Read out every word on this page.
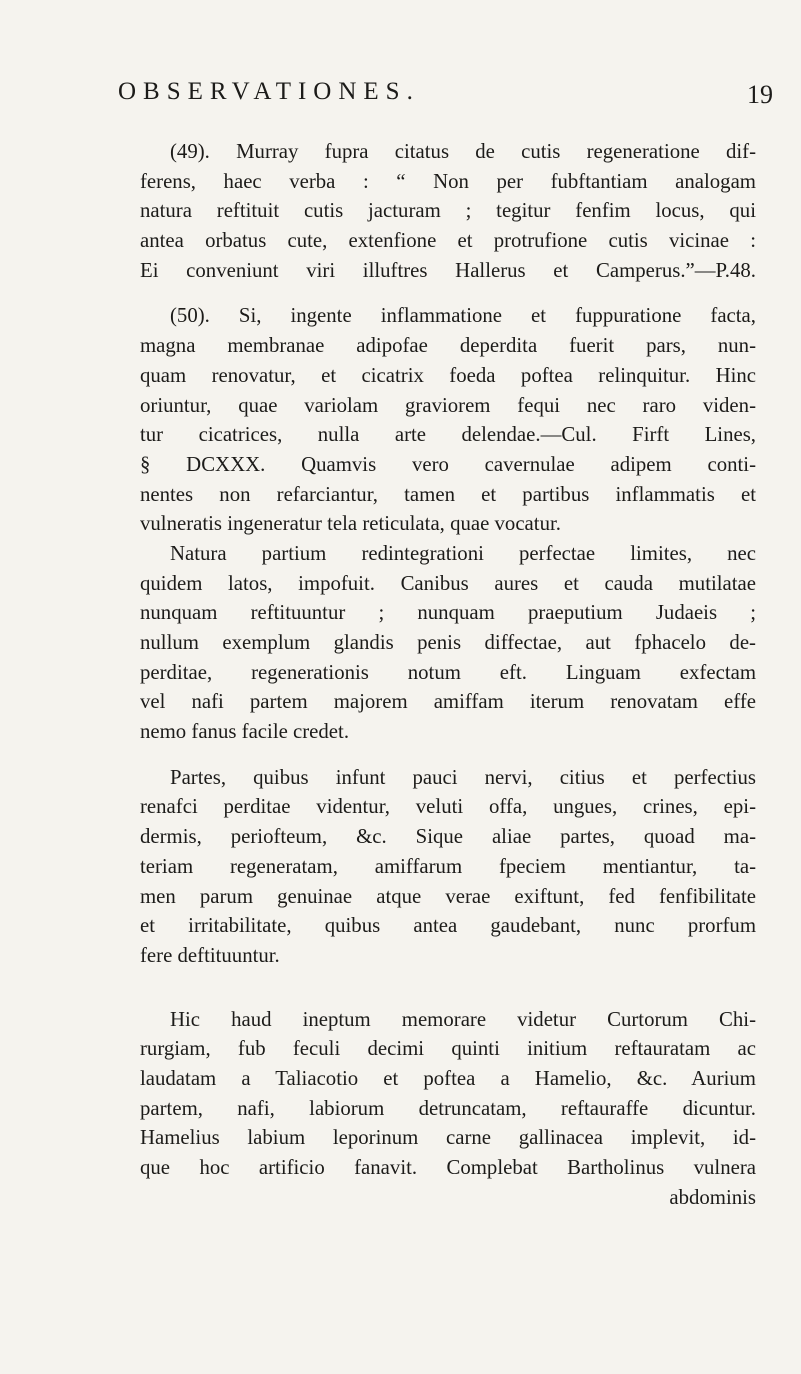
OBSERVATIONES.	19
(49). Murray fupra citatus de cutis regeneratione dif-
ferens, haec verba : “ Non per fubftantiam analogam
natura reftituit cutis jacturam ; tegitur fenfim locus, qui
antea orbatus cute, extenfione et protrufione cutis vicinae :
Ei conveniunt viri illuftres Hallerus et Camperus.”—P.48.
(50). Si, ingente inflammatione et fuppuratione facta,
magna membranae adipofae deperdita fuerit pars, nun-
quam renovatur, et cicatrix foeda poftea relinquitur. Hinc
oriuntur, quae variolam graviorem fequi nec raro viden-
tur cicatrices, nulla arte delendae.—Cul. Firft Lines,
§ DCXXX. Quamvis vero cavernulae adipem conti-
nentes non refarciantur, tamen et partibus inflammatis et
vulneratis ingeneratur tela reticulata, quae vocatur.
Natura partium redintegrationi perfectae limites, nec
quidem latos, impofuit. Canibus aures et cauda mutilatae
nunquam reftituuntur ; nunquam praeputium Judaeis ;
nullum exemplum glandis penis diffectae, aut fphacelo de-
perditae, regenerationis notum eft. Linguam exfectam
vel nafi partem majorem amiffam iterum renovatam effe
nemo fanus facile credet.
Partes, quibus infunt pauci nervi, citius et perfectius
renafci perditae videntur, veluti offa, ungues, crines, epi-
dermis, periofteum, &c. Sique aliae partes, quoad ma-
teriam regeneratam, amiffarum fpeciem mentiantur, ta-
men parum genuinae atque verae exiftunt, fed fenfibilitate
et irritabilitate, quibus antea gaudebant, nunc prorfum
fere deftituuntur.
Hic haud ineptum memorare videtur Curtorum Chi-
rurgiam, fub feculi decimi quinti initium reftauratam ac
laudatam a Taliacotio et poftea a Hamelio, &c. Aurium
partem, nafi, labiorum detruncatam, reftauraffe dicuntur.
Hamelius labium leporinum carne gallinacea implevit, id-
que hoc artificio fanavit. Complebat Bartholinus vulnera
abdominis
